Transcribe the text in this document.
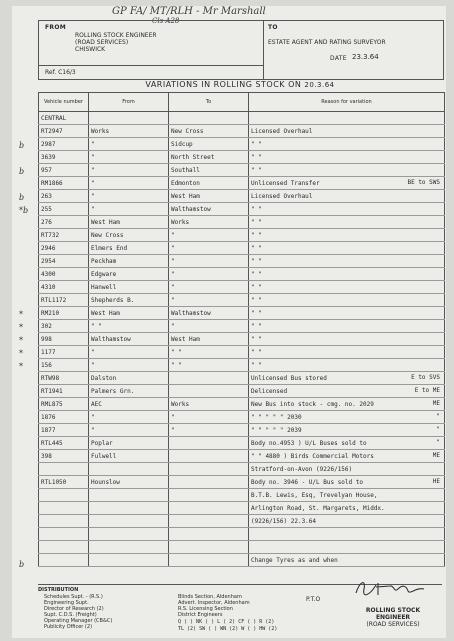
GP FA/ MT/RLH - Mr Marshall
Cls A28
FROM
ROLLING STOCK ENGINEER
(ROAD SERVICES)
CHISWICK
Ref. C16/3
TO
ESTATE AGENT AND RATING SURVEYOR
DATE 23.3.64
VARIATIONS IN ROLLING STOCK ON 20.3.64
Vehicle number	From	To	Reason for variation

CENTRAL			

RT2947	Works	New Cross	Licensed Overhaul

b 2987	"	Sidcup	" "

3639	"	North Street	" "

b 957	"	Southall	" "

RM1866	"	Edmonton	Unlicensed Transfer BE to SWS

b 263	"	West Ham	Licensed Overhaul

*b 255	"	Walthamstow	" "

276	West Ham	Works	" "

RT732	New Cross	"	" "

2946	Elmers End	"	" "

2954	Peckham	"	" "

4300	Edgware	"	" "

4310	Hanwell	"	" "

RTL1172	Shepherds B.	"	" "

* RM210	West Ham	Walthamstow	" "

* 302	" "	"	" "

* 998	Walthamstow	West Ham	" "

* 1177	"	" "	" "

* 156	"	" "	" "

RTW98	Dalston		Unlicensed Bus stored E to SVS

RT1941	Palmers Grn.		Delicensed E to ME

RML875	AEC	Works	New Bus into stock - cmg. no. 2029 ME

1876	"	"	" " " " " 2030 "

1877	"	"	" " " " " 2039 "

RTL445	Poplar		Body no.4953 ) U/L Buses sold to "

398	Fulwell		" " 4880 ) Birds Commercial Motors ME

			Stratford-on-Avon (9226/156)

RTL1050	Hounslow		Body no. 3946 - U/L Bus sold to HE

			B.T.B. Lewis, Esq, Trevelyan House,

			Arlington Road, St. Margarets, Middx.

			(9226/156) 22.3.64

b			Change Tyres as and when
DISTRIBUTION
Schedules Supt. - (R.S.)
Engineering Supt.
Director of Research (2)
Supt. C.D.S. (Freight)
Operating Manager (CB&C)
Publicity Officer (2)
Blinds Section, Aldenham
Advert. Inspector, Aldenham
R.S. Licensing Section
District Engineers
Q ( ) NK ( ) L ( 2) CF ( ) R (2)
TL (2) SW ( ) WN (2) W ( ) HW (2)
P.T.O
ROLLING STOCK ENGINEER
(ROAD SERVICES)
